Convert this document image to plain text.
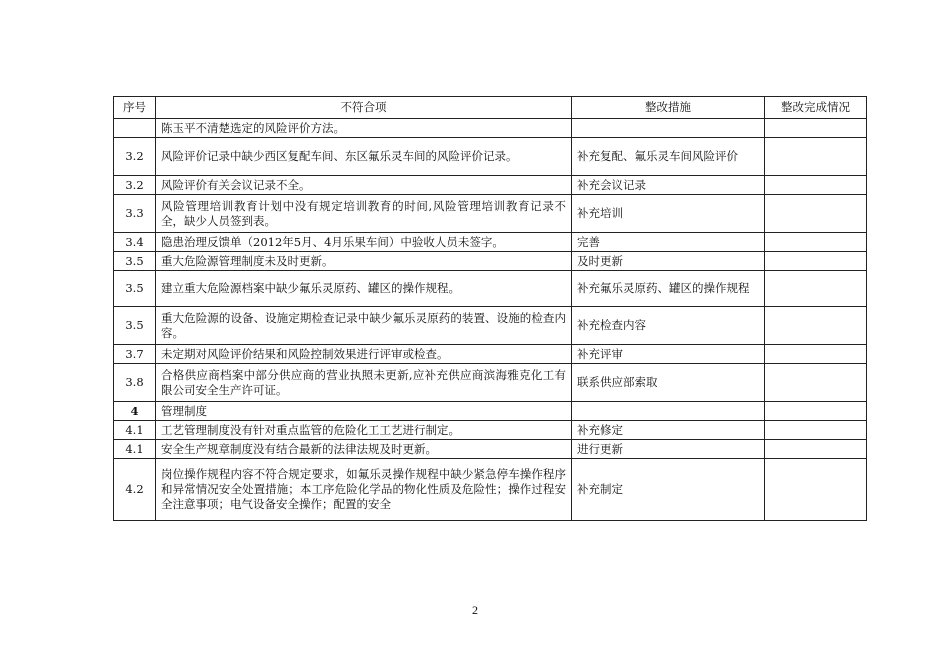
序号	不符合项	整改措施	整改完成情况
	陈玉平不清楚选定的风险评价方法。		
3.2	风险评价记录中缺少西区复配车间、东区氟乐灵车间的风险评价记录。	补充复配、氟乐灵车间风险评价	
3.2	风险评价有关会议记录不全。	补充会议记录	
3.3	风险管理培训教育计划中没有规定培训教育的时间,风险管理培训教育记录不全，缺少人员签到表。	补充培训	
3.4	隐患治理反馈单（2012年5月、4月乐果车间）中验收人员未签字。	完善	
3.5	重大危险源管理制度未及时更新。	及时更新	
3.5	建立重大危险源档案中缺少氟乐灵原药、罐区的操作规程。	补充氟乐灵原药、罐区的操作规程	
3.5	重大危险源的设备、设施定期检查记录中缺少氟乐灵原药的装置、设施的检查内容。	补充检查内容	
3.7	未定期对风险评价结果和风险控制效果进行评审或检查。	补充评审	
3.8	合格供应商档案中部分供应商的营业执照未更新,应补充供应商滨海雅克化工有限公司安全生产许可证。	联系供应部索取	
4	管理制度		
4.1	工艺管理制度没有针对重点监管的危险化工工艺进行制定。	补充修定	
4.1	安全生产规章制度没有结合最新的法律法规及时更新。	进行更新	
4.2	岗位操作规程内容不符合规定要求，如氟乐灵操作规程中缺少紧急停车操作程序和异常情况安全处置措施；本工序危险化学品的物化性质及危险性；操作过程安全注意事项；电气设备安全操作；配置的安全	补充制定	
2
